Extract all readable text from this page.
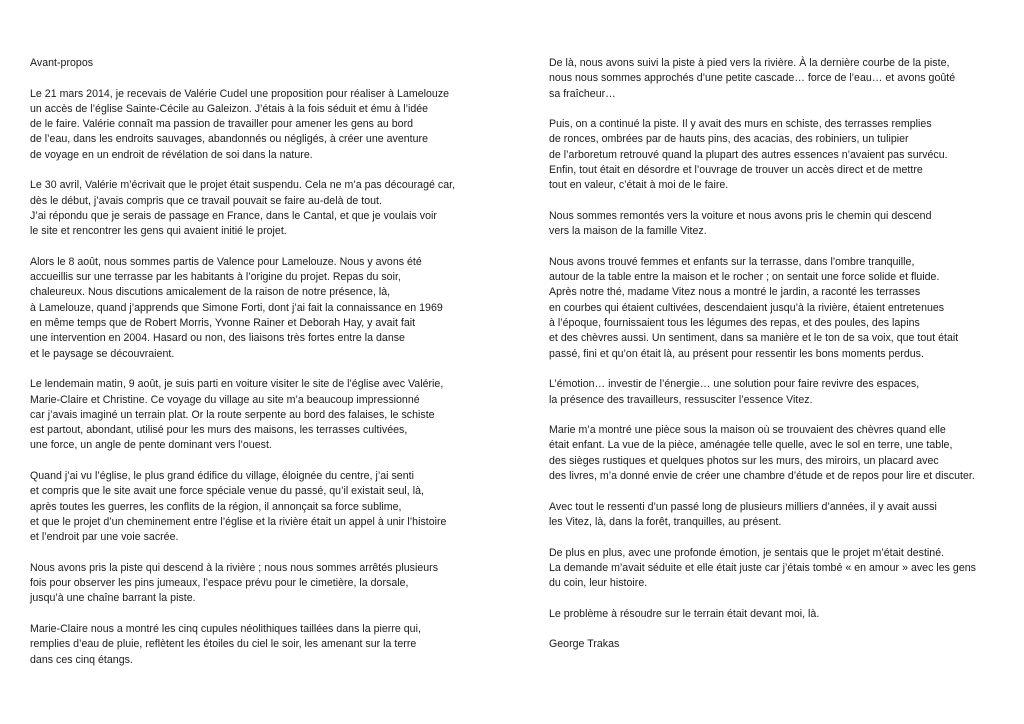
Avant-propos

Le 21 mars 2014, je recevais de Valérie Cudel une proposition pour réaliser à Lamelouze
un accès de l’église Sainte-Cécile au Galeizon. J’étais à la fois séduit et ému à l’idée
de le faire. Valérie connaît ma passion de travailler pour amener les gens au bord
de l’eau, dans les endroits sauvages, abandonnés ou négligés, à créer une aventure
de voyage en un endroit de révélation de soi dans la nature.

Le 30 avril, Valérie m’écrivait que le projet était suspendu. Cela ne m’a pas découragé car,
dès le début, j’avais compris que ce travail pouvait se faire au-delà de tout.
J’ai répondu que je serais de passage en France, dans le Cantal, et que je voulais voir
le site et rencontrer les gens qui avaient initié le projet.

Alors le 8 août, nous sommes partis de Valence pour Lamelouze. Nous y avons été
accueillis sur une terrasse par les habitants à l’origine du projet. Repas du soir,
chaleureux. Nous discutions amicalement de la raison de notre présence, là,
à Lamelouze, quand j’apprends que Simone Forti, dont j’ai fait la connaissance en 1969
en même temps que de Robert Morris, Yvonne Rainer et Deborah Hay, y avait fait
une intervention en 2004. Hasard ou non, des liaisons très fortes entre la danse
et le paysage se découvraient.

Le lendemain matin, 9 août, je suis parti en voiture visiter le site de l’église avec Valérie,
Marie-Claire et Christine. Ce voyage du village au site m’a beaucoup impressionné
car j’avais imaginé un terrain plat. Or la route serpente au bord des falaises, le schiste
est partout, abondant, utilisé pour les murs des maisons, les terrasses cultivées,
une force, un angle de pente dominant vers l’ouest.

Quand j’ai vu l’église, le plus grand édifice du village, éloignée du centre, j’ai senti
et compris que le site avait une force spéciale venue du passé, qu’il existait seul, là,
après toutes les guerres, les conflits de la région, il annonçait sa force sublime,
et que le projet d’un cheminement entre l’église et la rivière était un appel à unir l’histoire
et l’endroit par une voie sacrée.

Nous avons pris la piste qui descend à la rivière ; nous nous sommes arrêtés plusieurs
fois pour observer les pins jumeaux, l’espace prévu pour le cimetière, la dorsale,
jusqu’à une chaîne barrant la piste.

Marie-Claire nous a montré les cinq cupules néolithiques taillées dans la pierre qui,
remplies d’eau de pluie, reflètent les étoiles du ciel le soir, les amenant sur la terre
dans ces cinq étangs.

De là, nous avons suivi la piste à pied vers la rivière. À la dernière courbe de la piste,
nous nous sommes approchés d’une petite cascade… force de l’eau… et avons goûté
sa fraîcheur…

Puis, on a continué la piste. Il y avait des murs en schiste, des terrasses remplies
de ronces, ombrées par de hauts pins, des acacias, des robiniers, un tulipier
de l’arboretum retrouvé quand la plupart des autres essences n’avaient pas survécu.
Enfin, tout était en désordre et l’ouvrage de trouver un accès direct et de mettre
tout en valeur, c’était à moi de le faire.

Nous sommes remontés vers la voiture et nous avons pris le chemin qui descend
vers la maison de la famille Vitez.

Nous avons trouvé femmes et enfants sur la terrasse, dans l’ombre tranquille,
autour de la table entre la maison et le rocher ; on sentait une force solide et fluide.
Après notre thé, madame Vitez nous a montré le jardin, a raconté les terrasses
en courbes qui étaient cultivées, descendaient jusqu’à la rivière, étaient entretenues
à l’époque, fournissaient tous les légumes des repas, et des poules, des lapins
et des chèvres aussi. Un sentiment, dans sa manière et le ton de sa voix, que tout était
passé, fini et qu’on était là, au présent pour ressentir les bons moments perdus.

L’émotion… investir de l’énergie… une solution pour faire revivre des espaces,
la présence des travailleurs, ressusciter l’essence Vitez.

Marie m’a montré une pièce sous la maison où se trouvaient des chèvres quand elle
était enfant. La vue de la pièce, aménagée telle quelle, avec le sol en terre, une table,
des sièges rustiques et quelques photos sur les murs, des miroirs, un placard avec
des livres, m’a donné envie de créer une chambre d’étude et de repos pour lire et discuter.

Avec tout le ressenti d’un passé long de plusieurs milliers d’années, il y avait aussi
les Vitez, là, dans la forêt, tranquilles, au présent.

De plus en plus, avec une profonde émotion, je sentais que le projet m’était destiné.
La demande m’avait séduite et elle était juste car j’étais tombé « en amour » avec les gens
du coin, leur histoire.

Le problème à résoudre sur le terrain était devant moi, là.

George Trakas
